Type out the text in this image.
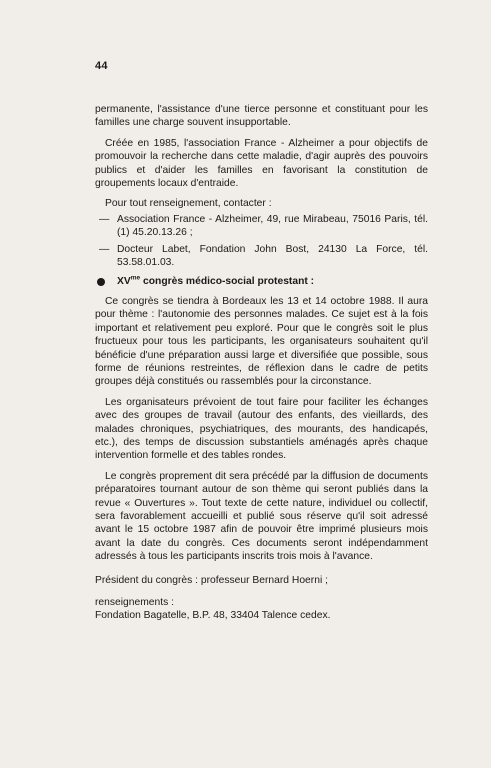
44

permanente, l'assistance d'une tierce personne et constituant pour les familles une charge souvent insupportable.

Créée en 1985, l'association France - Alzheimer a pour objectifs de promouvoir la recherche dans cette maladie, d'agir auprès des pouvoirs publics et d'aider les familles en favorisant la constitution de groupements locaux d'entraide.

Pour tout renseignement, contacter :

— Association France - Alzheimer, 49, rue Mirabeau, 75016 Paris, tél. (1) 45.20.13.26 ;
— Docteur Labet, Fondation John Bost, 24130 La Force, tél. 53.58.01.03.
$XV^{me}$ congrès médico-social protestant :

Ce congrès se tiendra à Bordeaux les 13 et 14 octobre 1988. Il aura pour thème : l'autonomie des personnes malades. Ce sujet est à la fois important et relativement peu exploré. Pour que le congrès soit le plus fructueux pour tous les participants, les organisateurs souhaitent qu'il bénéficie d'une préparation aussi large et diversifiée que possible, sous forme de réunions restreintes, de réflexion dans le cadre de petits groupes déjà constitués ou rassemblés pour la circonstance.

Les organisateurs prévoient de tout faire pour faciliter les échanges avec des groupes de travail (autour des enfants, des vieillards, des malades chroniques, psychiatriques, des mourants, des handicapés, etc.), des temps de discussion substantiels aménagés après chaque intervention formelle et des tables rondes.

Le congrès proprement dit sera précédé par la diffusion de documents préparatoires tournant autour de son thème qui seront publiés dans la revue « Ouvertures ». Tout texte de cette nature, individuel ou collectif, sera favorablement accueilli et publié sous réserve qu'il soit adressé avant le 15 octobre 1987 afin de pouvoir être imprimé plusieurs mois avant la date du congrès. Ces documents seront indépendamment adressés à tous les participants inscrits trois mois à l'avance.

Président du congrès : professeur Bernard Hoerni ;

renseignements :

Fondation Bagatelle, B.P. 48, 33404 Talence cedex.
